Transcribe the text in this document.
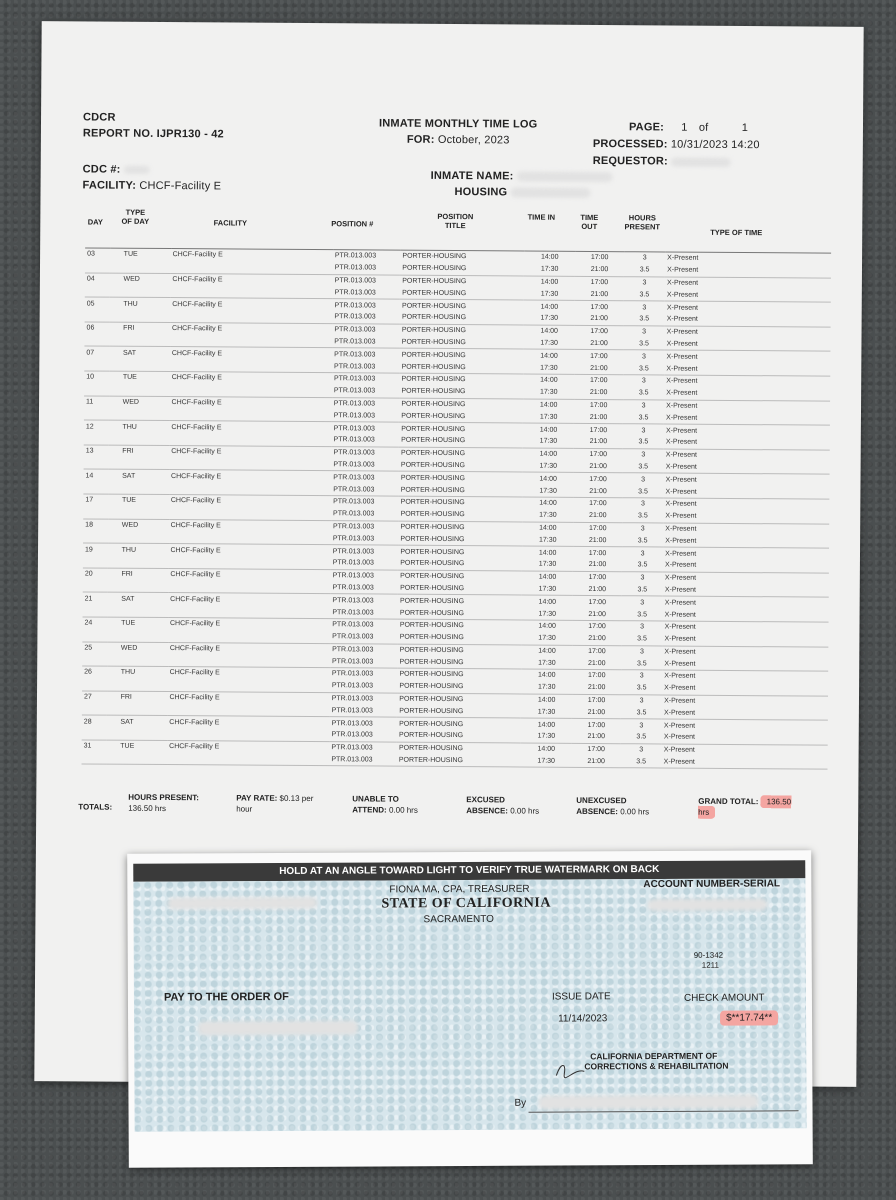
CDCR
REPORT NO. IJPR130 - 42
CDC #:
FACILITY: CHCF-Facility E
INMATE MONTHLY TIME LOG
FOR: October, 2023
INMATE NAME:
HOUSING
PAGE: 1 of	1
PROCESSED: 10/31/2023 14:20
REQUESTOR:
DAY
TYPE OF DAY	FACILITY	POSITION #
POSITION TITLE
TIME IN	TIME OUT
HOURS PRESENT
TYPE OF TIME
03	TUE	CHCF-Facility E	PTR.013.003	PORTER-HOUSING	14:00	17:00	3	X-Present
			PTR.013.003	PORTER-HOUSING	17:30	21:00	3.5	X-Present
04	WED	CHCF-Facility E	PTR.013.003	PORTER-HOUSING	14:00	17:00	3	X-Present
			PTR.013.003	PORTER-HOUSING	17:30	21:00	3.5	X-Present
05	THU	CHCF-Facility E	PTR.013.003	PORTER-HOUSING	14:00	17:00	3	X-Present
			PTR.013.003	PORTER-HOUSING	17:30	21:00	3.5	X-Present
06	FRI	CHCF-Facility E	PTR.013.003	PORTER-HOUSING	14:00	17:00	3	X-Present
			PTR.013.003	PORTER-HOUSING	17:30	21:00	3.5	X-Present
07	SAT	CHCF-Facility E	PTR.013.003	PORTER-HOUSING	14:00	17:00	3	X-Present
			PTR.013.003	PORTER-HOUSING	17:30	21:00	3.5	X-Present
10	TUE	CHCF-Facility E	PTR.013.003	PORTER-HOUSING	14:00	17:00	3	X-Present
			PTR.013.003	PORTER-HOUSING	17:30	21:00	3.5	X-Present
11	WED	CHCF-Facility E	PTR.013.003	PORTER-HOUSING	14:00	17:00	3	X-Present
			PTR.013.003	PORTER-HOUSING	17:30	21:00	3.5	X-Present
12	THU	CHCF-Facility E	PTR.013.003	PORTER-HOUSING	14:00	17:00	3	X-Present
			PTR.013.003	PORTER-HOUSING	17:30	21:00	3.5	X-Present
13	FRI	CHCF-Facility E	PTR.013.003	PORTER-HOUSING	14:00	17:00	3	X-Present
			PTR.013.003	PORTER-HOUSING	17:30	21:00	3.5	X-Present
14	SAT	CHCF-Facility E	PTR.013.003	PORTER-HOUSING	14:00	17:00	3	X-Present
			PTR.013.003	PORTER-HOUSING	17:30	21:00	3.5	X-Present
17	TUE	CHCF-Facility E	PTR.013.003	PORTER-HOUSING	14:00	17:00	3	X-Present
			PTR.013.003	PORTER-HOUSING	17:30	21:00	3.5	X-Present
18	WED	CHCF-Facility E	PTR.013.003	PORTER-HOUSING	14:00	17:00	3	X-Present
			PTR.013.003	PORTER-HOUSING	17:30	21:00	3.5	X-Present
19	THU	CHCF-Facility E	PTR.013.003	PORTER-HOUSING	14:00	17:00	3	X-Present
			PTR.013.003	PORTER-HOUSING	17:30	21:00	3.5	X-Present
20	FRI	CHCF-Facility E	PTR.013.003	PORTER-HOUSING	14:00	17:00	3	X-Present
			PTR.013.003	PORTER-HOUSING	17:30	21:00	3.5	X-Present
21	SAT	CHCF-Facility E	PTR.013.003	PORTER-HOUSING	14:00	17:00	3	X-Present
			PTR.013.003	PORTER-HOUSING	17:30	21:00	3.5	X-Present
24	TUE	CHCF-Facility E	PTR.013.003	PORTER-HOUSING	14:00	17:00	3	X-Present
			PTR.013.003	PORTER-HOUSING	17:30	21:00	3.5	X-Present
25	WED	CHCF-Facility E	PTR.013.003	PORTER-HOUSING	14:00	17:00	3	X-Present
			PTR.013.003	PORTER-HOUSING	17:30	21:00	3.5	X-Present
26	THU	CHCF-Facility E	PTR.013.003	PORTER-HOUSING	14:00	17:00	3	X-Present
			PTR.013.003	PORTER-HOUSING	17:30	21:00	3.5	X-Present
27	FRI	CHCF-Facility E	PTR.013.003	PORTER-HOUSING	14:00	17:00	3	X-Present
			PTR.013.003	PORTER-HOUSING	17:30	21:00	3.5	X-Present
28	SAT	CHCF-Facility E	PTR.013.003	PORTER-HOUSING	14:00	17:00	3	X-Present
			PTR.013.003	PORTER-HOUSING	17:30	21:00	3.5	X-Present
31	TUE	CHCF-Facility E	PTR.013.003	PORTER-HOUSING	14:00	17:00	3	X-Present
			PTR.013.003	PORTER-HOUSING	17:30	21:00	3.5	X-Present
TOTALS:
HOURS PRESENT: 136.50 hrs
PAY RATE: $0.13 per hour
UNABLE TO ATTEND: 0.00 hrs
EXCUSED ABSENCE: 0.00 hrs
UNEXCUSED ABSENCE: 0.00 hrs
GRAND TOTAL: 136.50 hrs
HOLD AT AN ANGLE TOWARD LIGHT TO VERIFY TRUE WATERMARK ON BACK
FIONA MA, CPA, TREASURER
STATE OF CALIFORNIA
SACRAMENTO
ACCOUNT NUMBER-SERIAL
90-1342
1211
PAY TO THE ORDER OF	ISSUE DATE
11/14/2023
CHECK AMOUNT
$**17.74**
CALIFORNIA DEPARTMENT OF
CORRECTIONS & REHABILITATION
By
